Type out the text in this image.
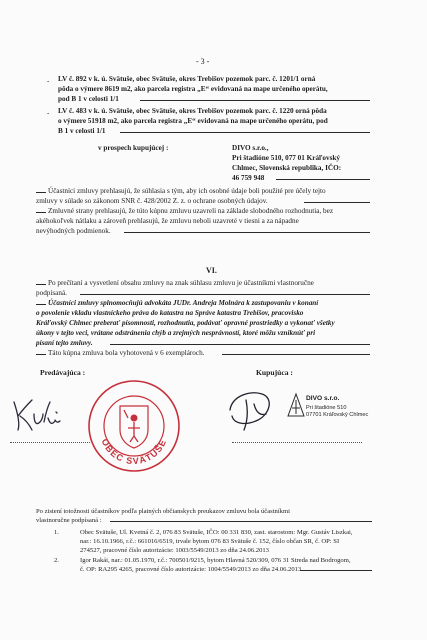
- 3 -
- LV č. 892 v k. ú. Svätuše, obec Svätuše, okres Trebišov pozemok parc. č. 1201/1 orná
pôda o výmere 8619 m2, ako parcela registra „E“ evidovaná na mape určeného operátu,
pod B 1 v celosti 1/1
- LV č. 483 v k. ú. Svätuše, obec Svätuše, okres Trebišov pozemok parc. č. 1220 orná pôda
o výmere 51918 m2, ako parcela registra „E“ evidovaná na mape určeného operátu, pod
B 1 v celosti 1/1
v prospech kupujúcej :	DIVO s.r.o.,
Pri štadióne 510, 077 01 Kráľovský
Chlmec, Slovenská republika, IČO:
46 759 948
Účastníci zmluvy prehlasujú, že súhlasia s tým, aby ich osobné údaje boli použité pre účely tejto
zmluvy v súlade so zákonom SNR č. 428/2002 Z. z. o ochrane osobných údajov.
Zmluvné strany prehlasujú, že túto kúpnu zmluvu uzavreli na základe slobodného rozhodnutia, bez
akéhokoľvek nátlaku a zároveň prehlasujú, že zmluvu neboli uzavreté v tiesni a za nápadne
nevýhodných podmienok.
VI.
Po prečítaní a vysvetlení obsahu zmluvy na znak súhlasu zmluvu je účastníkmi vlastnoručne
podpísaná.
Účastníci zmluvy splnomocňujú advokáta JUDr. Andreja Molnára k zastupovaniu v konaní
o povolenie vkladu vlastníckeho práva do katastra na Správe katastra Trebišov, pracovisko
Kráľovský Chlmec preberať písomnosti, rozhodnutia, podávať opravné prostriedky a vykonať všetky
úkony v tejto veci, vrátane odstránenia chýb a zrejmých nesprávností, ktoré môžu vzniknúť pri
písaní tejto zmluvy.
Táto kúpna zmluva bola vyhotovená v 6 exemplároch.
Predávajúca :	Kupujúca :
OBEC SVÄTUŠE
DIVO s.r.o.
Pri štadióne 510
07701 Kráľovský Chlmec
Po zistení totožnosti účastníkov podľa platných občianskych preukazov zmluvu bola účastníkmi
vlastnoručne podpísaná :
1.	Obec Svätuše, Ul. Kvetná č. 2, 076 83 Svätuše, IČO: 00 331 830, zast. starostom: Mgr. Gustáv Liszkai,
nar.: 16.10.1966, r.č.: 661016/6519, trvale bytom 076 83 Svätuše č. 152, číslo občan SR, č. OP: SI
274527, pracovné číslo autorizácie: 1003/5549/2013 zo dňa 24.06.2013
2.	Igor Rakái, nar.: 01.05.1970, r.č.: 700501/9215, bytom Hlavná 520/309, 076 31 Streda nad Bodrogom,
č. OP: RA295 4265, pracovné číslo autorizácie: 1004/5549/2013 zo dňa 24.06.2013
